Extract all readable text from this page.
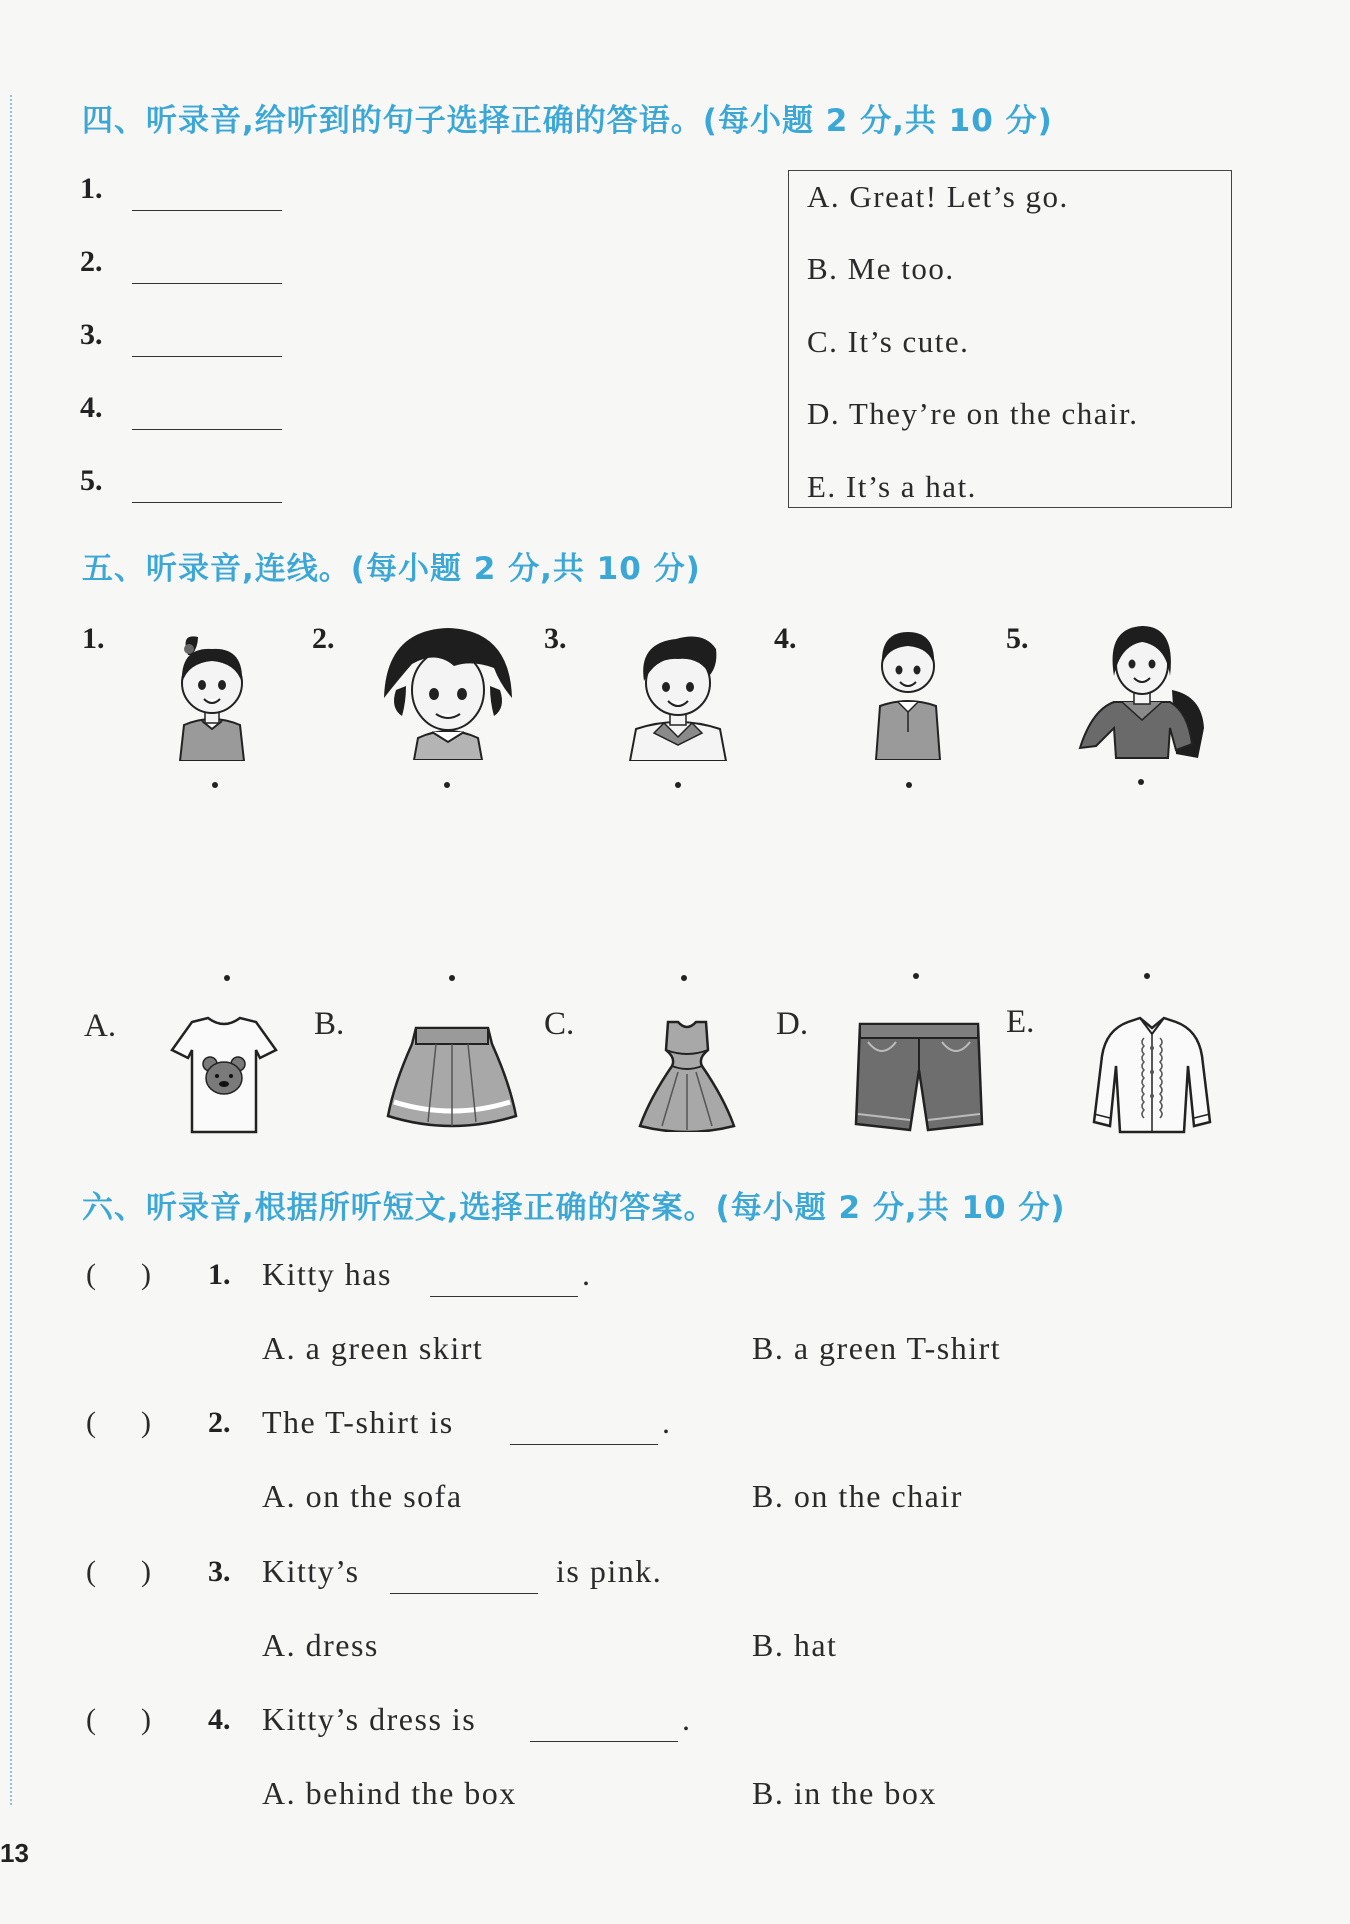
四、听录音,给听到的句子选择正确的答语。(每小题 2 分,共 10 分)
1.
2.
3.
4.
5.
A. Great! Let’s go.
B. Me too.
C. It’s cute.
D. They’re on the chair.
E. It’s a hat.
五、听录音,连线。(每小题 2 分,共 10 分)
1.	2.	3.	4.	5.
A.	B.	C.	D.	E.
六、听录音,根据所听短文,选择正确的答案。(每小题 2 分,共 10 分)
(      ) 1. Kitty has	.
A. a green skirt	B. a green T-shirt
(      ) 2. The T-shirt is	.
A. on the sofa	B. on the chair
(      ) 3. Kitty’s	is pink.
A. dress	B. hat
(      ) 4. Kitty’s dress is	.
A. behind the box	B. in the box
13
